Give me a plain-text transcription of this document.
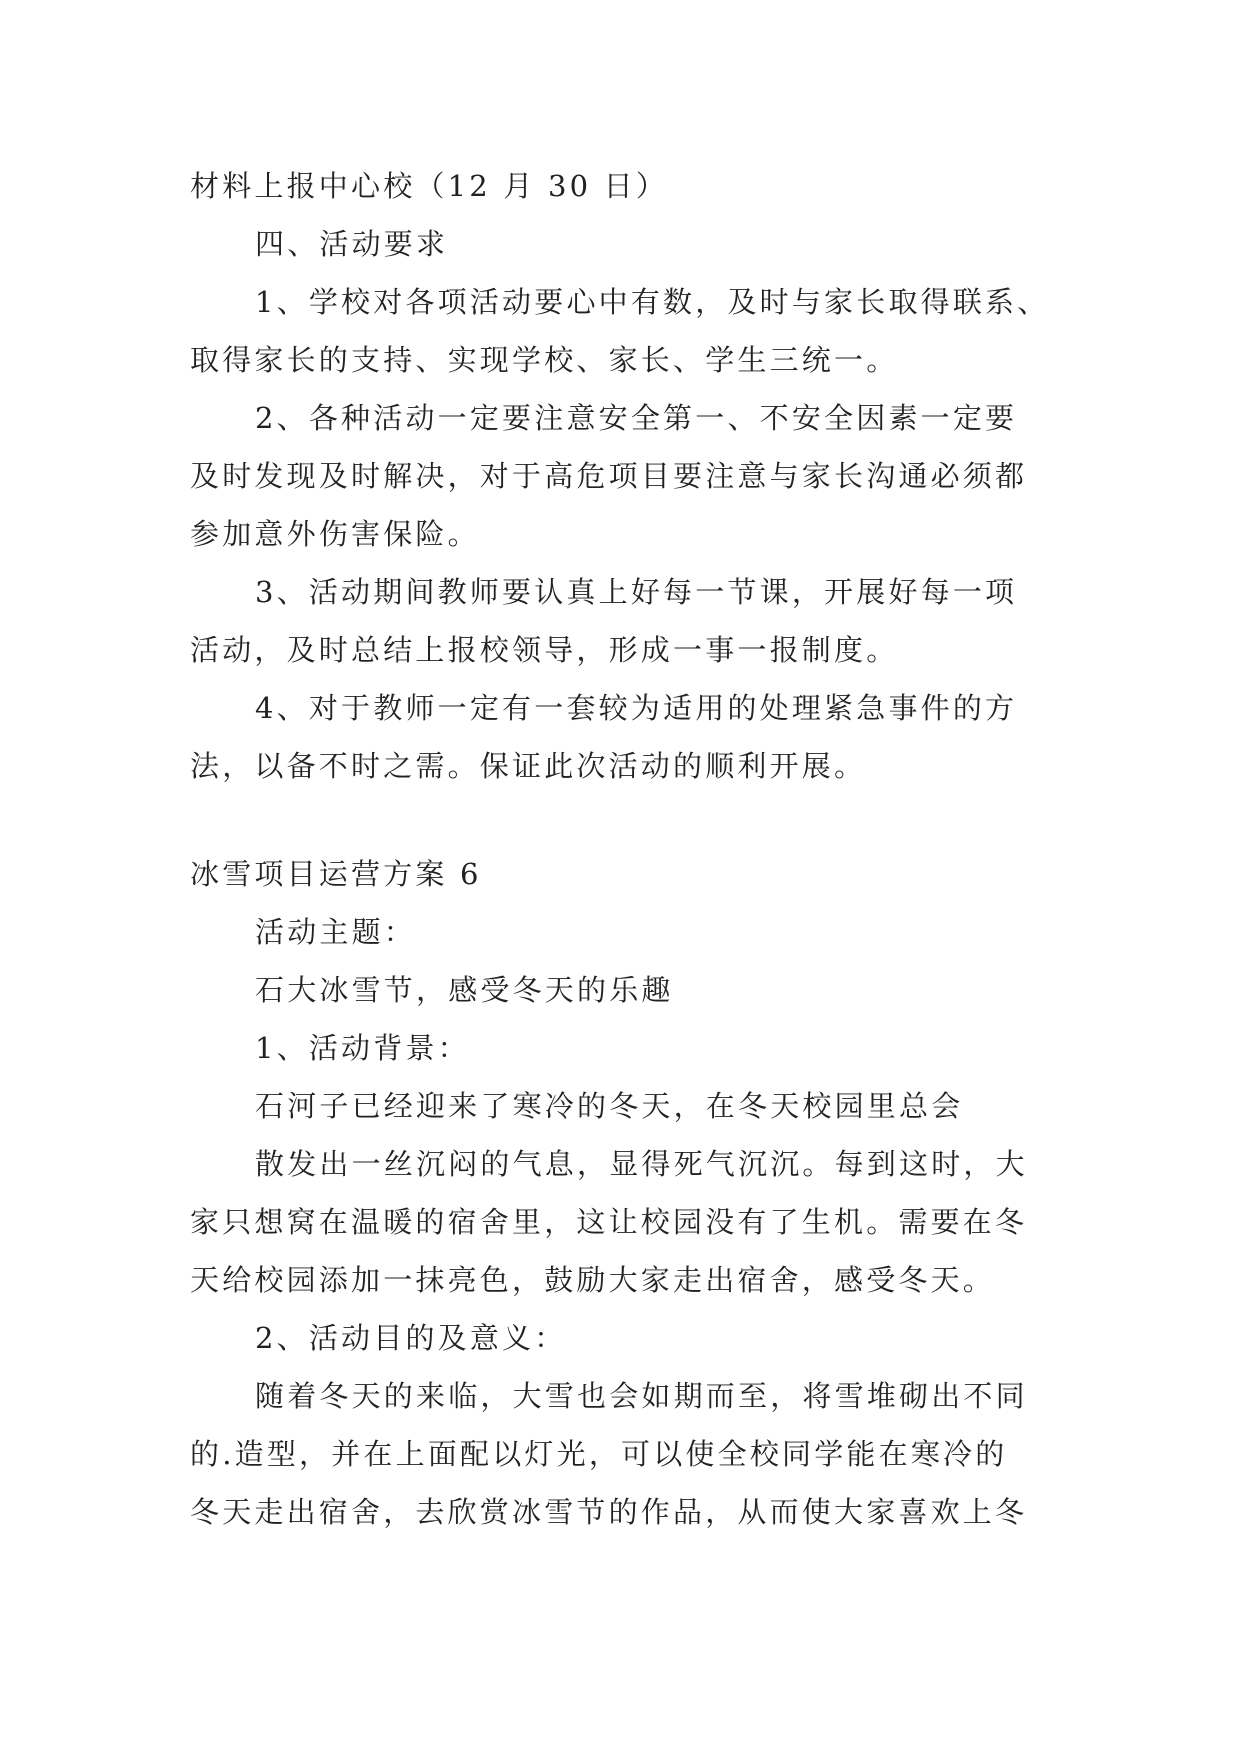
材料上报中心校（12 月 30 日）
四、活动要求
1、学校对各项活动要心中有数，及时与家长取得联系、
取得家长的支持、实现学校、家长、学生三统一。
2、各种活动一定要注意安全第一、不安全因素一定要
及时发现及时解决，对于高危项目要注意与家长沟通必须都
参加意外伤害保险。
3、活动期间教师要认真上好每一节课，开展好每一项
活动，及时总结上报校领导，形成一事一报制度。
4、对于教师一定有一套较为适用的处理紧急事件的方
法，以备不时之需。保证此次活动的顺利开展。
冰雪项目运营方案 6
活动主题：
石大冰雪节，感受冬天的乐趣
1、活动背景：
石河子已经迎来了寒冷的冬天，在冬天校园里总会
散发出一丝沉闷的气息，显得死气沉沉。每到这时，大
家只想窝在温暖的宿舍里，这让校园没有了生机。需要在冬
天给校园添加一抹亮色，鼓励大家走出宿舍，感受冬天。
2、活动目的及意义：
随着冬天的来临，大雪也会如期而至，将雪堆砌出不同
的.造型，并在上面配以灯光，可以使全校同学能在寒冷的
冬天走出宿舍，去欣赏冰雪节的作品，从而使大家喜欢上冬
